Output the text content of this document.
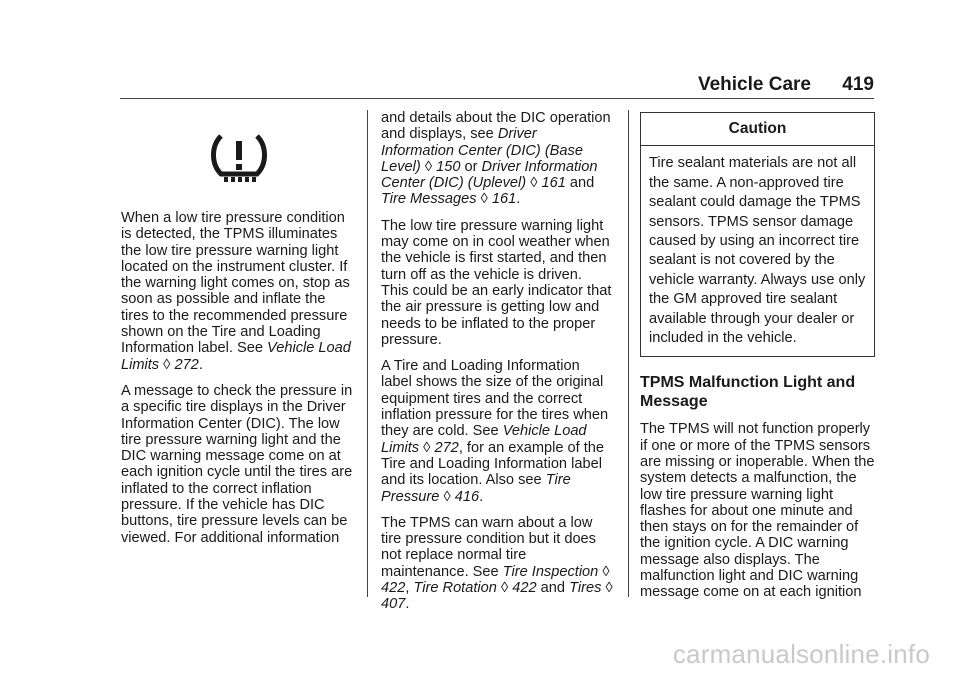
Vehicle Care 419

When a low tire pressure condition is detected, the TPMS illuminates the low tire pressure warning light located on the instrument cluster. If the warning light comes on, stop as soon as possible and inflate the tires to the recommended pressure shown on the Tire and Loading Information label. See Vehicle Load Limits ◊ 272.

A message to check the pressure in a specific tire displays in the Driver Information Center (DIC). The low tire pressure warning light and the DIC warning message come on at each ignition cycle until the tires are inflated to the correct inflation pressure. If the vehicle has DIC buttons, tire pressure levels can be viewed. For additional information

and details about the DIC operation and displays, see Driver Information Center (DIC) (Base Level) ◊ 150 or Driver Information Center (DIC) (Uplevel) ◊ 161 and Tire Messages ◊ 161.

The low tire pressure warning light may come on in cool weather when the vehicle is first started, and then turn off as the vehicle is driven. This could be an early indicator that the air pressure is getting low and needs to be inflated to the proper pressure.

A Tire and Loading Information label shows the size of the original equipment tires and the correct inflation pressure for the tires when they are cold. See Vehicle Load Limits ◊ 272, for an example of the Tire and Loading Information label and its location. Also see Tire Pressure ◊ 416.

The TPMS can warn about a low tire pressure condition but it does not replace normal tire maintenance. See Tire Inspection ◊ 422, Tire Rotation ◊ 422 and Tires ◊ 407.

Caution
Tire sealant materials are not all the same. A non-approved tire sealant could damage the TPMS sensors. TPMS sensor damage caused by using an incorrect tire sealant is not covered by the vehicle warranty. Always use only the GM approved tire sealant available through your dealer or included in the vehicle.
TPMS Malfunction Light and Message

The TPMS will not function properly if one or more of the TPMS sensors are missing or inoperable. When the system detects a malfunction, the low tire pressure warning light flashes for about one minute and then stays on for the remainder of the ignition cycle. A DIC warning message also displays. The malfunction light and DIC warning message come on at each ignition

carmanualsonline.info
